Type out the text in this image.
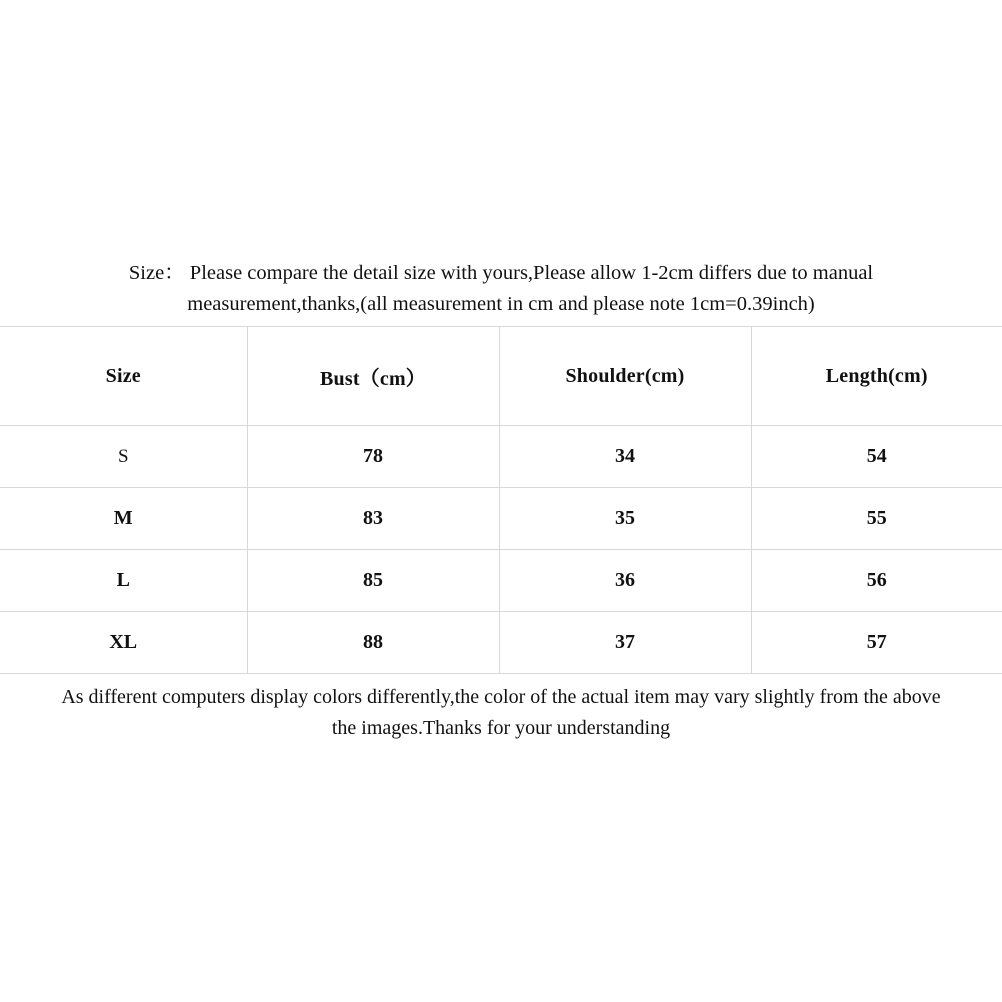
Size： Please compare the detail size with yours,Please allow 1-2cm differs due to manual
measurement,thanks,(all measurement in cm and please note 1cm=0.39inch)
Size	Bust（cm）	Shoulder(cm)	Length(cm)
S	78	34	54
M	83	35	55
L	85	36	56
XL	88	37	57
As different computers display colors differently,the color of the actual item may vary slightly from the above
the images.Thanks for your understanding
